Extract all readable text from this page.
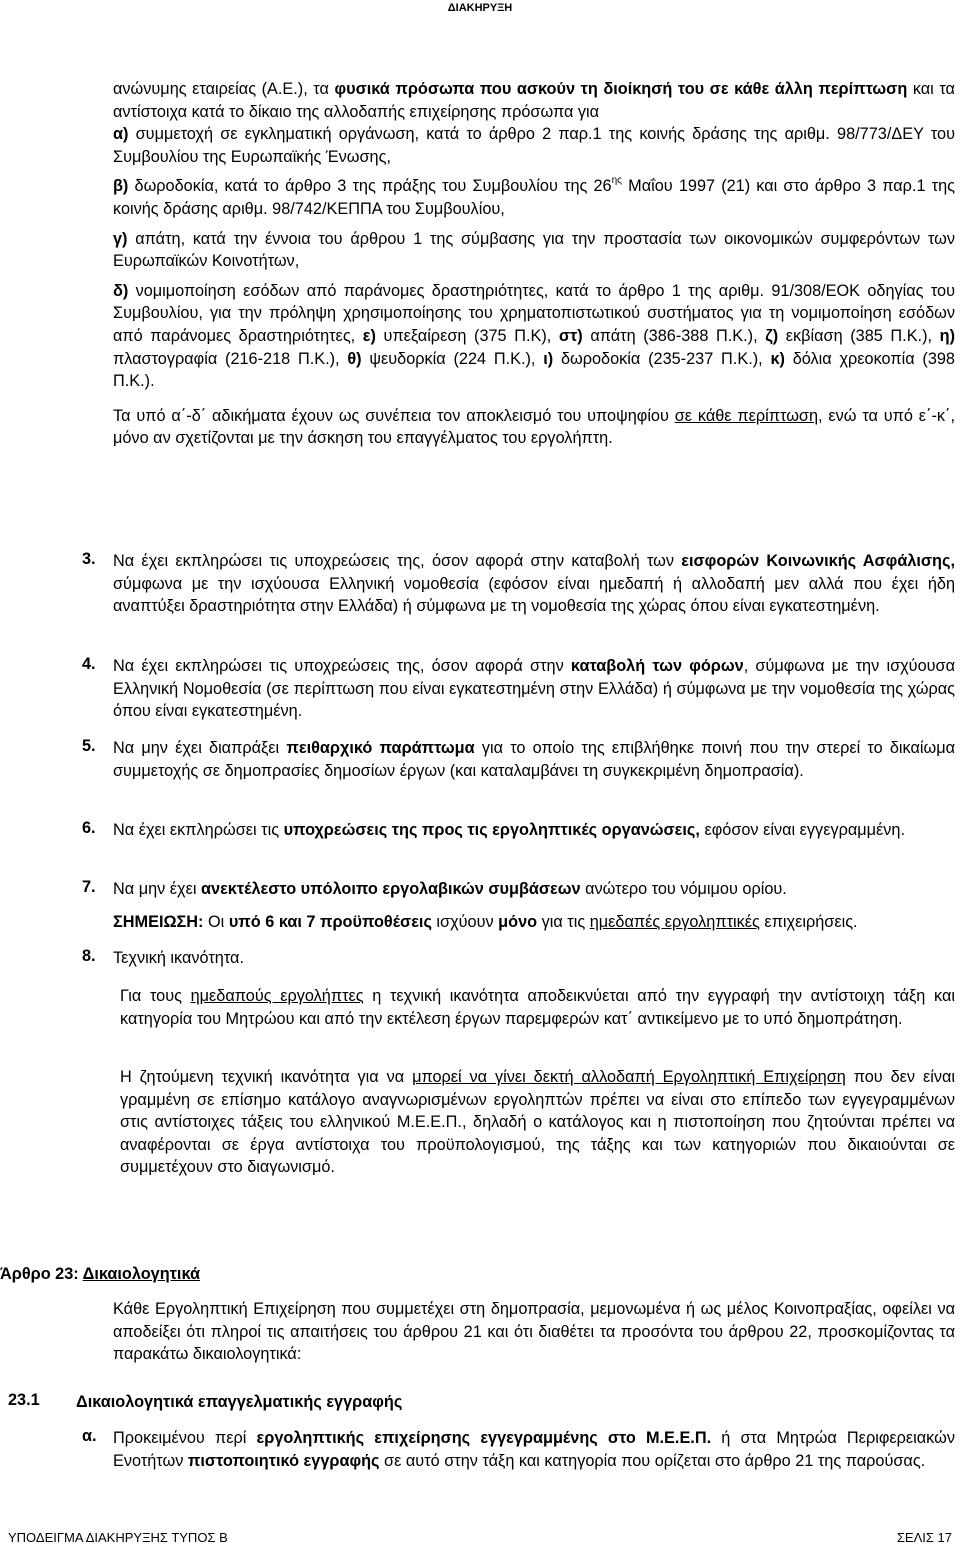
ΔΙΑΚΗΡΥΞΗ

ανώνυμης εταιρείας (Α.Ε.), τα φυσικά πρόσωπα που ασκούν τη διοίκησή του σε κάθε άλλη περίπτωση και τα αντίστοιχα κατά το δίκαιο της αλλοδαπής επιχείρησης πρόσωπα για
α) συμμετοχή σε εγκληματική οργάνωση, κατά το άρθρο 2 παρ.1 της κοινής δράσης της αριθμ. 98/773/ΔΕΥ του Συμβουλίου της Ευρωπαϊκής Ένωσης,

β) δωροδοκία, κατά το άρθρο 3 της πράξης του Συμβουλίου της $26^{\eta\varsigma}$ Μαΐου 1997 (21) και στο άρθρο 3 παρ.1 της κοινής δράσης αριθμ. 98/742/ΚΕΠΠΑ του Συμβουλίου,

γ) απάτη, κατά την έννοια του άρθρου 1 της σύμβασης για την προστασία των οικονομικών συμφερόντων των Ευρωπαϊκών Κοινοτήτων,

δ) νομιμοποίηση εσόδων από παράνομες δραστηριότητες, κατά το άρθρο 1 της αριθμ. 91/308/ΕΟΚ οδηγίας του Συμβουλίου, για την πρόληψη χρησιμοποίησης του χρηματοπιστωτικού συστήματος για τη νομιμοποίηση εσόδων από παράνομες δραστηριότητες, ε) υπεξαίρεση (375 Π.Κ), στ) απάτη (386-388 Π.Κ.), ζ) εκβίαση (385 Π.Κ.), η) πλαστογραφία (216-218 Π.Κ.), θ) ψευδορκία (224 Π.Κ.), ι) δωροδοκία (235-237 Π.Κ.), κ) δόλια χρεοκοπία (398 Π.Κ.).

Τα υπό α΄-δ΄ αδικήματα έχουν ως συνέπεια τον αποκλεισμό του υποψηφίου σε κάθε περίπτωση, ενώ τα υπό ε΄-κ΄, μόνο αν σχετίζονται με την άσκηση του επαγγέλματος του εργολήπτη.

3. Να έχει εκπληρώσει τις υποχρεώσεις της, όσον αφορά στην καταβολή των εισφορών Κοινωνικής Ασφάλισης, σύμφωνα με την ισχύουσα Ελληνική νομοθεσία (εφόσον είναι ημεδαπή ή αλλοδαπή μεν αλλά που έχει ήδη αναπτύξει δραστηριότητα στην Ελλάδα) ή σύμφωνα με τη νομοθεσία της χώρας όπου είναι εγκατεστημένη.

4. Να έχει εκπληρώσει τις υποχρεώσεις της, όσον αφορά στην καταβολή των φόρων, σύμφωνα με την ισχύουσα Ελληνική Νομοθεσία (σε περίπτωση που είναι εγκατεστημένη στην Ελλάδα) ή σύμφωνα με την νομοθεσία της χώρας όπου είναι εγκατεστημένη.

5. Να μην έχει διαπράξει πειθαρχικό παράπτωμα για το οποίο της επιβλήθηκε ποινή που την στερεί το δικαίωμα συμμετοχής σε δημοπρασίες δημοσίων έργων (και καταλαμβάνει τη συγκεκριμένη δημοπρασία).

6. Να έχει εκπληρώσει τις υποχρεώσεις της προς τις εργοληπτικές οργανώσεις, εφόσον είναι εγγεγραμμένη.

7. Να μην έχει ανεκτέλεστο υπόλοιπο εργολαβικών συμβάσεων ανώτερο του νόμιμου ορίου.

ΣΗΜΕΙΩΣΗ: Οι υπό 6 και 7 προϋποθέσεις ισχύουν μόνο για τις ημεδαπές εργοληπτικές επιχειρήσεις.

8. Τεχνική ικανότητα.

Για τους ημεδαπούς εργολήπτες η τεχνική ικανότητα αποδεικνύεται από την εγγραφή την αντίστοιχη τάξη και κατηγορία του Μητρώου και από την εκτέλεση έργων παρεμφερών κατ΄ αντικείμενο με το υπό δημοπράτηση.

Η ζητούμενη τεχνική ικανότητα για να μπορεί να γίνει δεκτή αλλοδαπή Εργοληπτική Επιχείρηση που δεν είναι γραμμένη σε επίσημο κατάλογο αναγνωρισμένων εργοληπτών πρέπει να είναι στο επίπεδο των εγγεγραμμένων στις αντίστοιχες τάξεις του ελληνικού Μ.Ε.Ε.Π., δηλαδή ο κατάλογος και η πιστοποίηση που ζητούνται πρέπει να αναφέρονται σε έργα αντίστοιχα του προϋπολογισμού, της τάξης και των κατηγοριών που δικαιούνται σε συμμετέχουν στο διαγωνισμό.

Άρθρο 23: Δικαιολογητικά

Κάθε Εργοληπτική Επιχείρηση που συμμετέχει στη δημοπρασία, μεμονωμένα ή ως μέλος Κοινοπραξίας, οφείλει να αποδείξει ότι πληροί τις απαιτήσεις του άρθρου 21 και ότι διαθέτει τα προσόντα του άρθρου 22, προσκομίζοντας τα παρακάτω δικαιολογητικά:

23.1 Δικαιολογητικά επαγγελματικής εγγραφής
α. Προκειμένου περί εργοληπτικής επιχείρησης εγγεγραμμένης στο Μ.Ε.Ε.Π. ή στα Μητρώα Περιφερειακών Ενοτήτων πιστοποιητικό εγγραφής σε αυτό στην τάξη και κατηγορία που ορίζεται στο άρθρο 21 της παρούσας.

ΥΠΟΔΕΙΓΜΑ ΔΙΑΚΗΡΥΞΗΣ ΤΥΠΟΣ Β	ΣΕΛΙΣ 17
